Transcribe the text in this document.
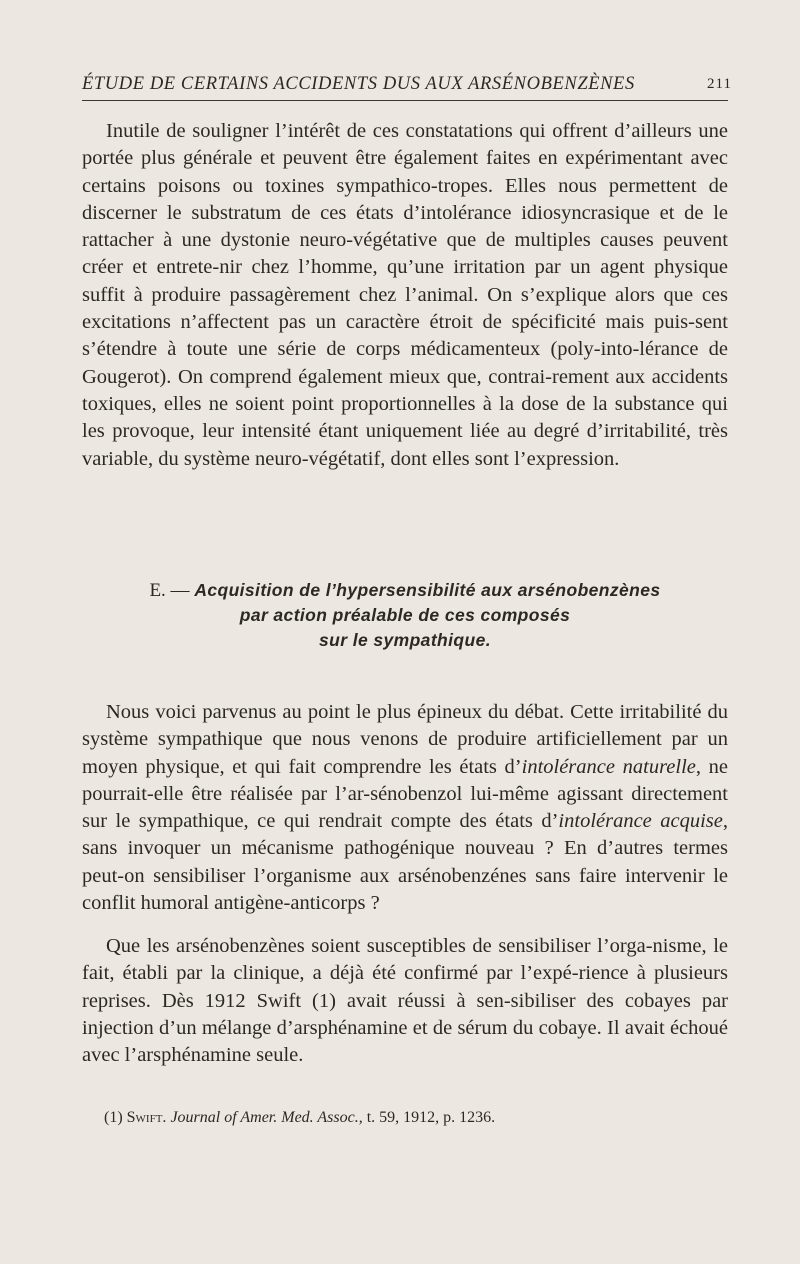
ÉTUDE DE CERTAINS ACCIDENTS DUS AUX ARSÉNOBENZÈNES	211

Inutile de souligner l’intérêt de ces constatations qui offrent d’ailleurs une portée plus générale et peuvent être également faites en expérimentant avec certains poisons ou toxines sympathico-tropes. Elles nous permettent de discerner le substratum de ces états d’intolérance idiosyncrasique et de le rattacher à une dystonie neuro-végétative que de multiples causes peuvent créer et entrete-nir chez l’homme, qu’une irritation par un agent physique suffit à produire passagèrement chez l’animal. On s’explique alors que ces excitations n’affectent pas un caractère étroit de spécificité mais puis-sent s’étendre à toute une série de corps médicamenteux (poly-into-lérance de Gougerot). On comprend également mieux que, contrai-rement aux accidents toxiques, elles ne soient point proportionnelles à la dose de la substance qui les provoque, leur intensité étant uniquement liée au degré d’irritabilité, très variable, du système neuro-végétatif, dont elles sont l’expression.

E. — Acquisition de l’hypersensibilité aux arsénobenzènes
par action préalable de ces composés
sur le sympathique.

Nous voici parvenus au point le plus épineux du débat. Cette irritabilité du système sympathique que nous venons de produire artificiellement par un moyen physique, et qui fait comprendre les états d’intolérance naturelle, ne pourrait-elle être réalisée par l’ar-sénobenzol lui-même agissant directement sur le sympathique, ce qui rendrait compte des états d’intolérance acquise, sans invoquer un mécanisme pathogénique nouveau ? En d’autres termes peut-on sensibiliser l’organisme aux arsénobenzénes sans faire intervenir le conflit humoral antigène-anticorps ?

Que les arsénobenzènes soient susceptibles de sensibiliser l’orga-nisme, le fait, établi par la clinique, a déjà été confirmé par l’expé-rience à plusieurs reprises. Dès 1912 Swift (1) avait réussi à sen-sibiliser des cobayes par injection d’un mélange d’arsphénamine et de sérum du cobaye. Il avait échoué avec l’arsphénamine seule.

(1) Swift. Journal of Amer. Med. Assoc., t. 59, 1912, p. 1236.
